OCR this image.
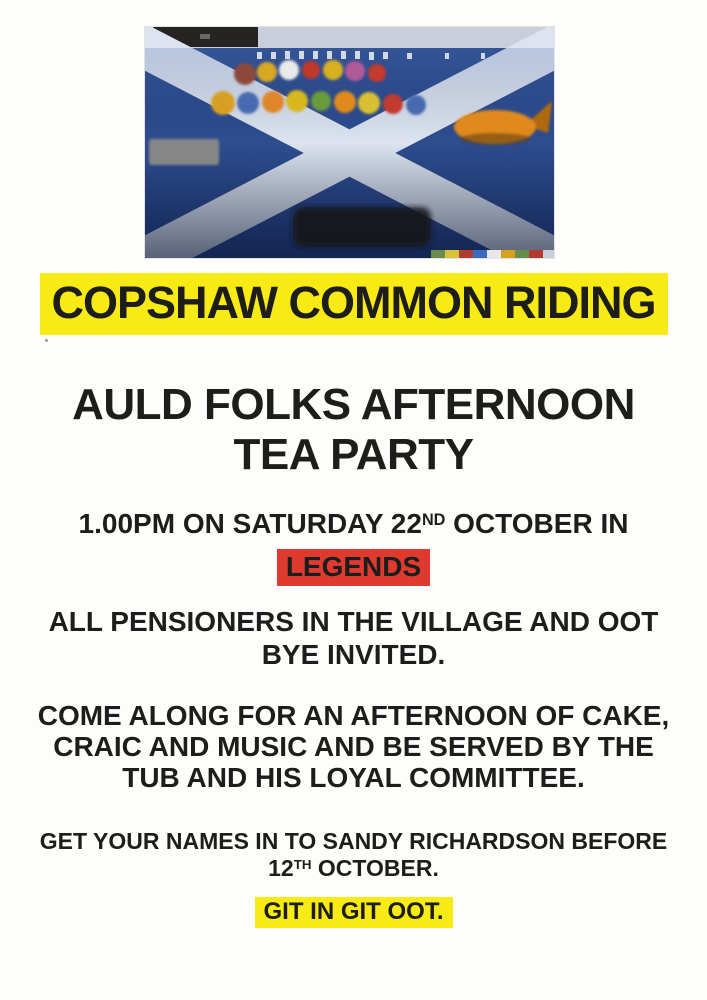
COPSHAW COMMON RIDING
AULD FOLKS AFTERNOON
TEA PARTY
1.00PM ON SATURDAY 22ND OCTOBER IN
LEGENDS
ALL PENSIONERS IN THE VILLAGE AND OOT
BYE INVITED.
COME ALONG FOR AN AFTERNOON OF CAKE,
CRAIC AND MUSIC AND BE SERVED BY THE
TUB AND HIS LOYAL COMMITTEE.
GET YOUR NAMES IN TO SANDY RICHARDSON BEFORE
12TH OCTOBER.
GIT IN GIT OOT.
